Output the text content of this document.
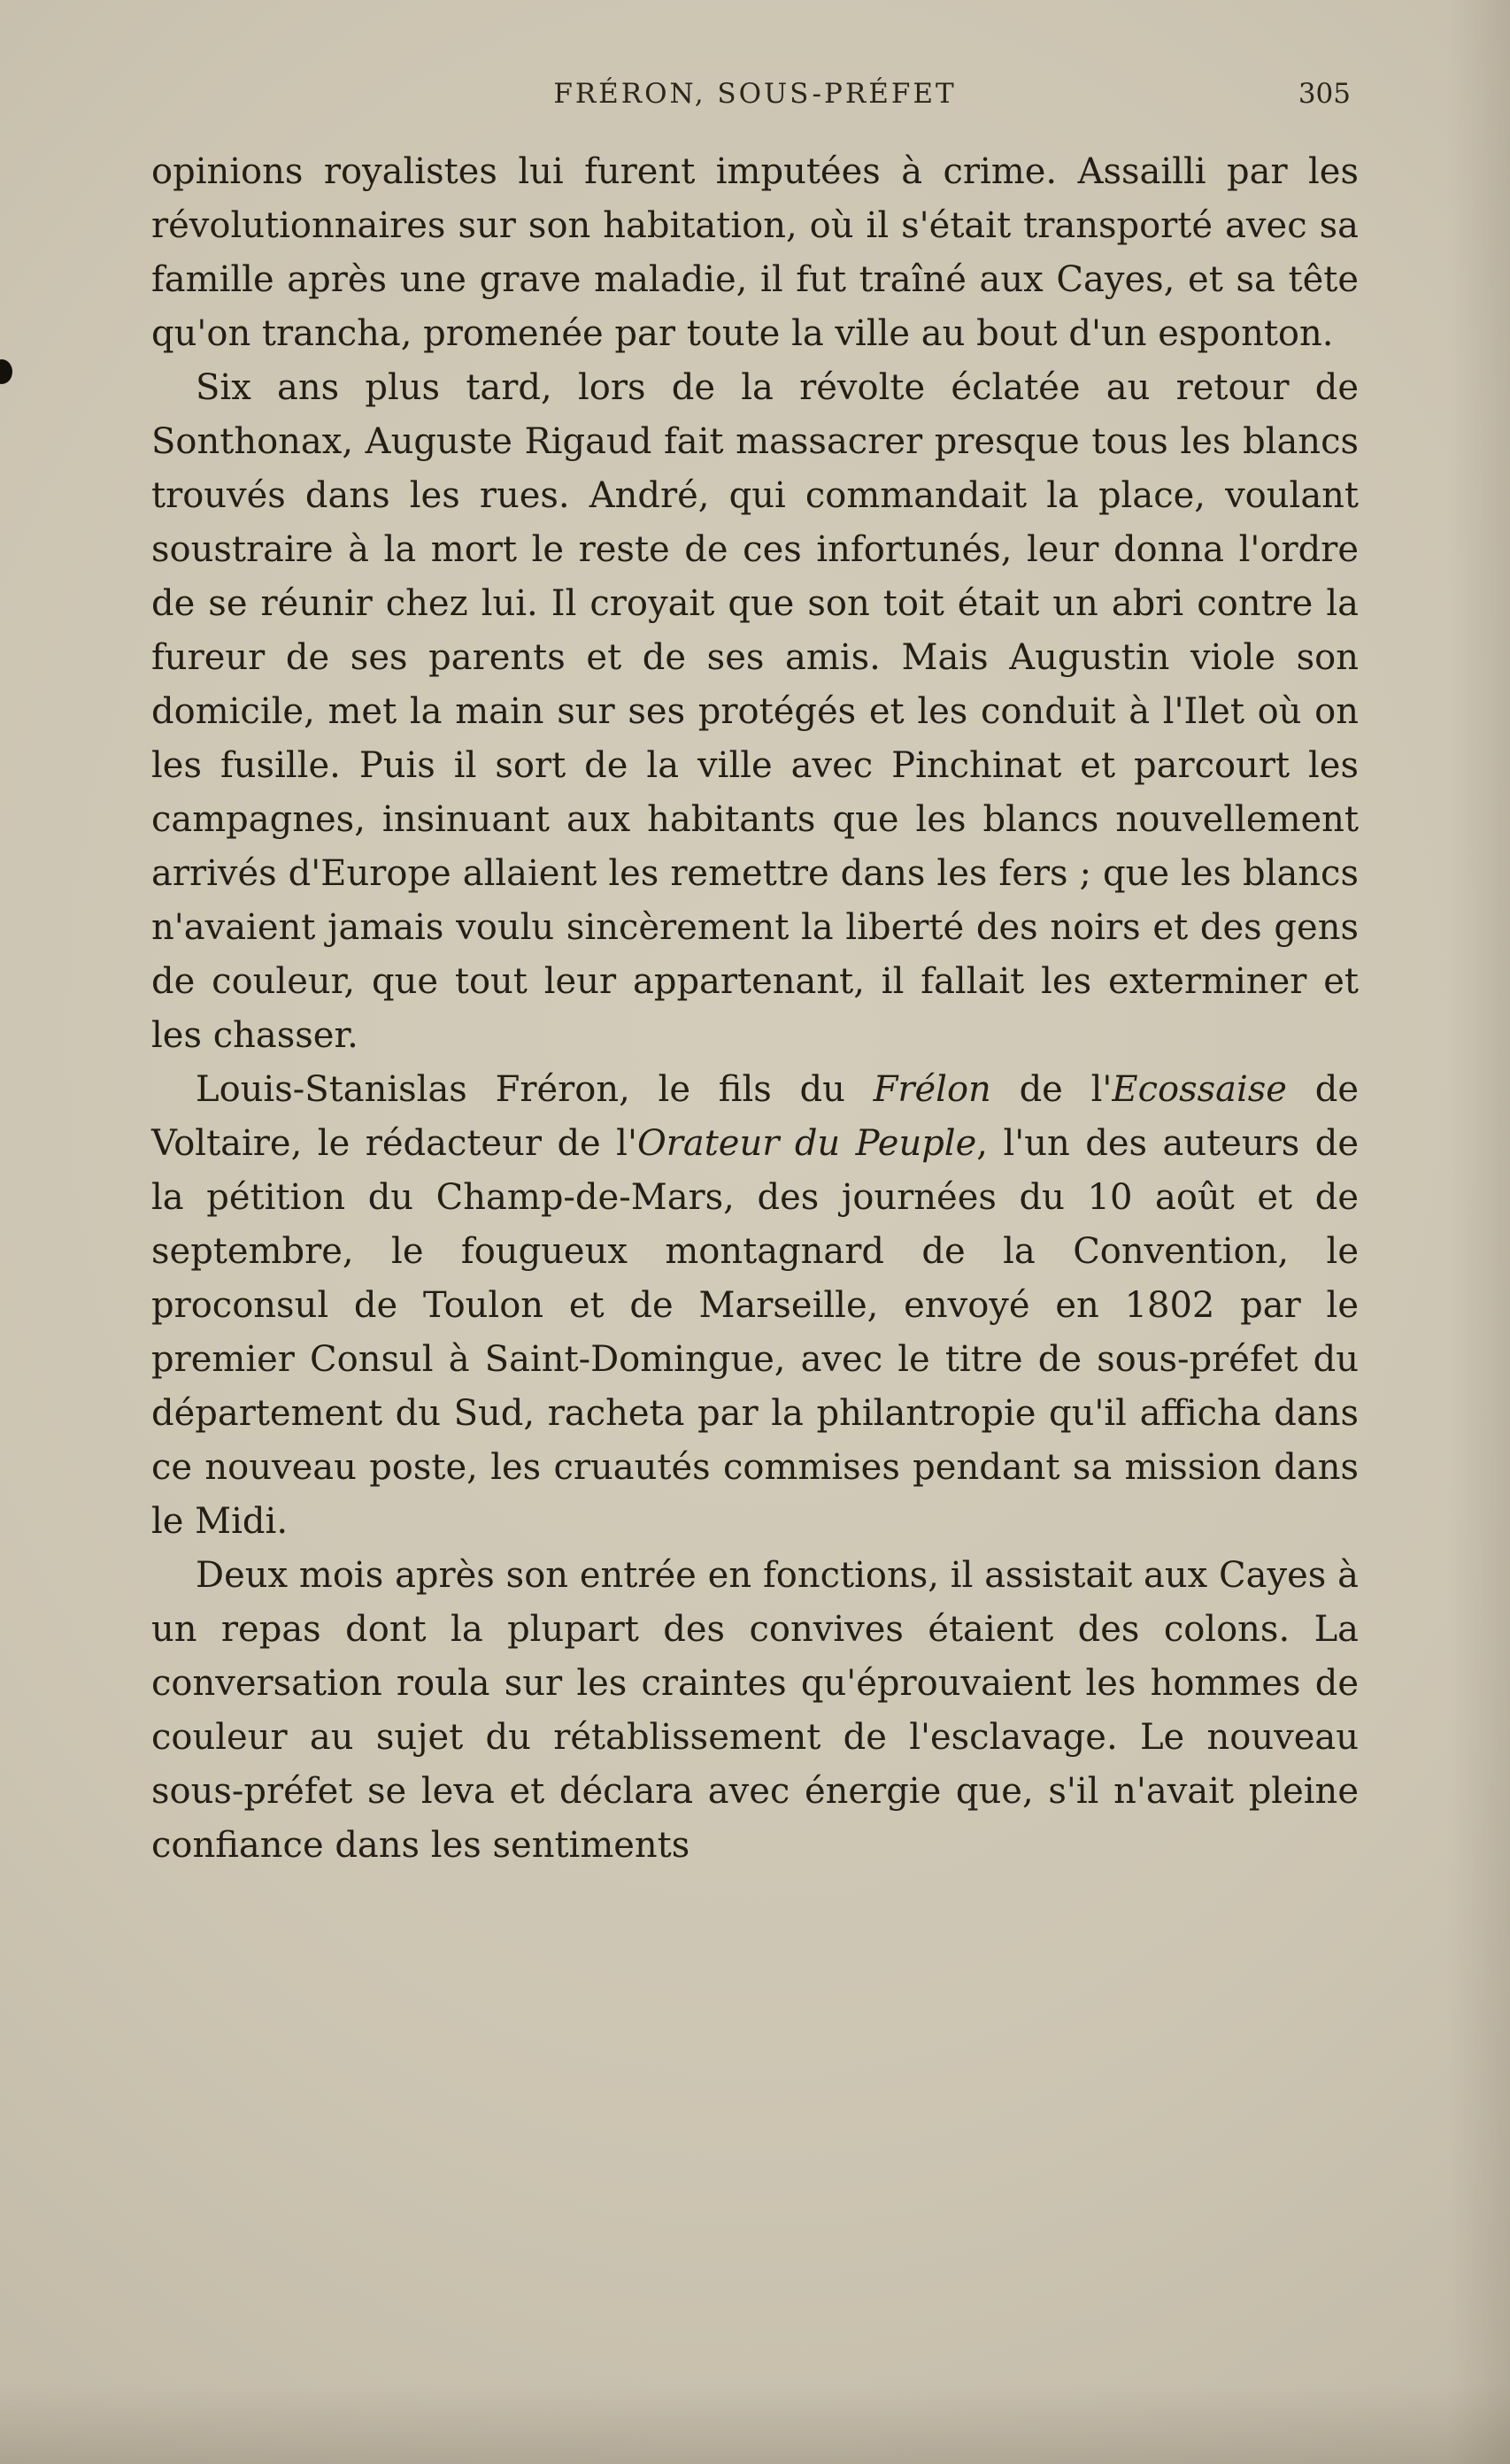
FRÉRON, SOUS-PRÉFET	305

opinions royalistes lui furent imputées à crime. Assailli par les révolutionnaires sur son habitation, où il s'était transporté avec sa famille après une grave maladie, il fut traîné aux Cayes, et sa tête qu'on trancha, promenée par toute la ville au bout d'un esponton.

Six ans plus tard, lors de la révolte éclatée au retour de Sonthonax, Auguste Rigaud fait massacrer presque tous les blancs trouvés dans les rues. André, qui commandait la place, voulant soustraire à la mort le reste de ces infortunés, leur donna l'ordre de se réunir chez lui. Il croyait que son toit était un abri contre la fureur de ses parents et de ses amis. Mais Augustin viole son domicile, met la main sur ses protégés et les conduit à l'Ilet où on les fusille. Puis il sort de la ville avec Pinchinat et parcourt les campagnes, insinuant aux habitants que les blancs nouvellement arrivés d'Europe allaient les remettre dans les fers ; que les blancs n'avaient jamais voulu sincèrement la liberté des noirs et des gens de couleur, que tout leur appartenant, il fallait les exterminer et les chasser.

Louis-Stanislas Fréron, le fils du Frélon de l'Ecossaise de Voltaire, le rédacteur de l'Orateur du Peuple, l'un des auteurs de la pétition du Champ-de-Mars, des journées du 10 août et de septembre, le fougueux montagnard de la Convention, le proconsul de Toulon et de Marseille, envoyé en 1802 par le premier Consul à Saint-Domingue, avec le titre de sous-préfet du département du Sud, racheta par la philantropie qu'il afficha dans ce nouveau poste, les cruautés commises pendant sa mission dans le Midi.

Deux mois après son entrée en fonctions, il assistait aux Cayes à un repas dont la plupart des convives étaient des colons. La conversation roula sur les craintes qu'éprouvaient les hommes de couleur au sujet du rétablissement de l'esclavage. Le nouveau sous-préfet se leva et déclara avec énergie que, s'il n'avait pleine confiance dans les sentiments
